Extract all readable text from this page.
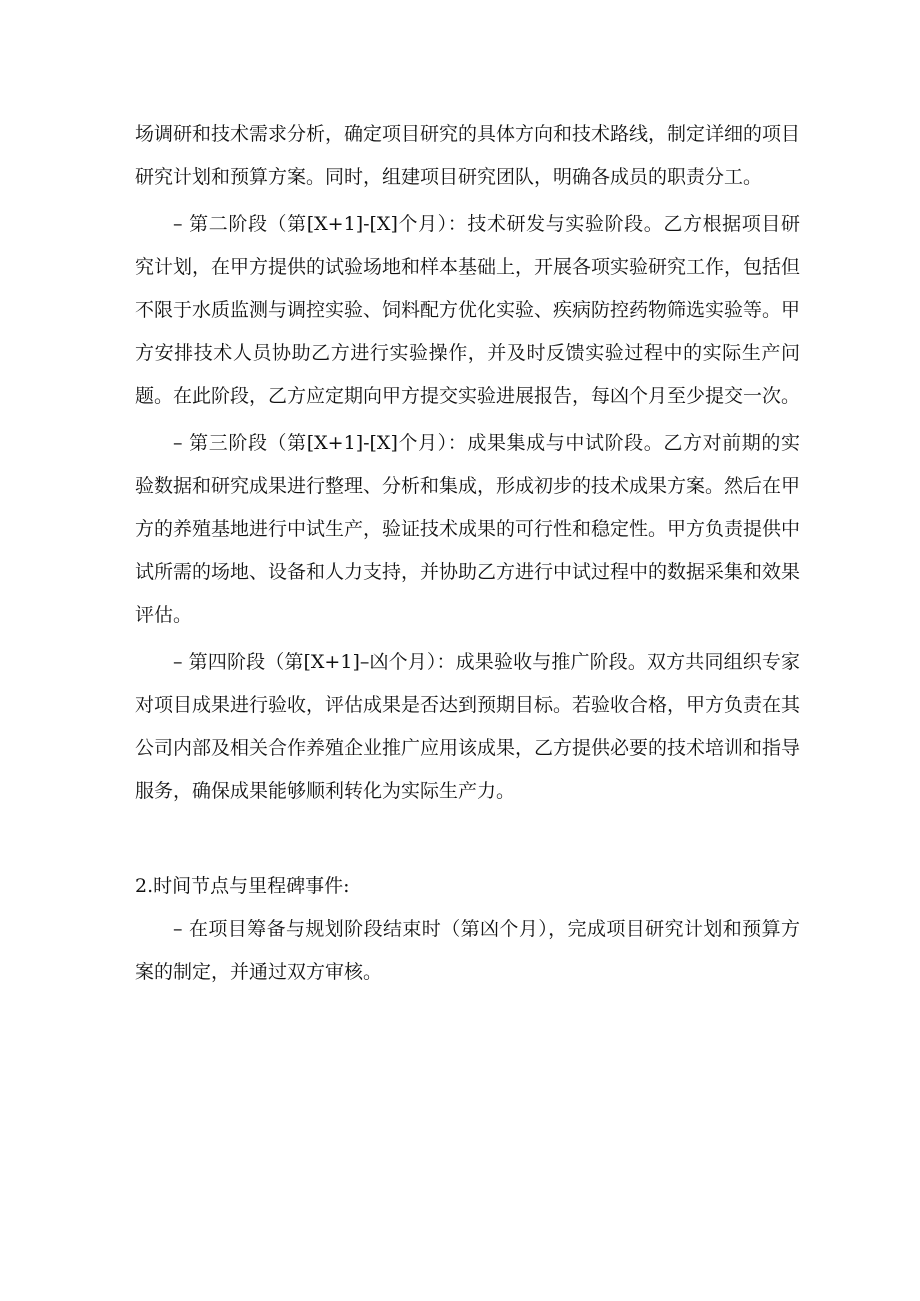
场调研和技术需求分析，确定项目研究的具体方向和技术路线，制定详细的项目研究计划和预算方案。同时，组建项目研究团队，明确各成员的职责分工。

– 第二阶段（第[X+1]-[X]个月）：技术研发与实验阶段。乙方根据项目研究计划，在甲方提供的试验场地和样本基础上，开展各项实验研究工作，包括但不限于水质监测与调控实验、饲料配方优化实验、疾病防控药物筛选实验等。甲方安排技术人员协助乙方进行实验操作，并及时反馈实验过程中的实际生产问题。在此阶段，乙方应定期向甲方提交实验进展报告，每凶个月至少提交一次。

– 第三阶段（第[X+1]-[X]个月）：成果集成与中试阶段。乙方对前期的实验数据和研究成果进行整理、分析和集成，形成初步的技术成果方案。然后在甲方的养殖基地进行中试生产，验证技术成果的可行性和稳定性。甲方负责提供中试所需的场地、设备和人力支持，并协助乙方进行中试过程中的数据采集和效果评估。

– 第四阶段（第[X+1]–凶个月）：成果验收与推广阶段。双方共同组织专家对项目成果进行验收，评估成果是否达到预期目标。若验收合格，甲方负责在其公司内部及相关合作养殖企业推广应用该成果，乙方提供必要的技术培训和指导服务，确保成果能够顺利转化为实际生产力。

2.时间节点与里程碑事件:

– 在项目筹备与规划阶段结束时（第凶个月），完成项目研究计划和预算方案的制定，并通过双方审核。
